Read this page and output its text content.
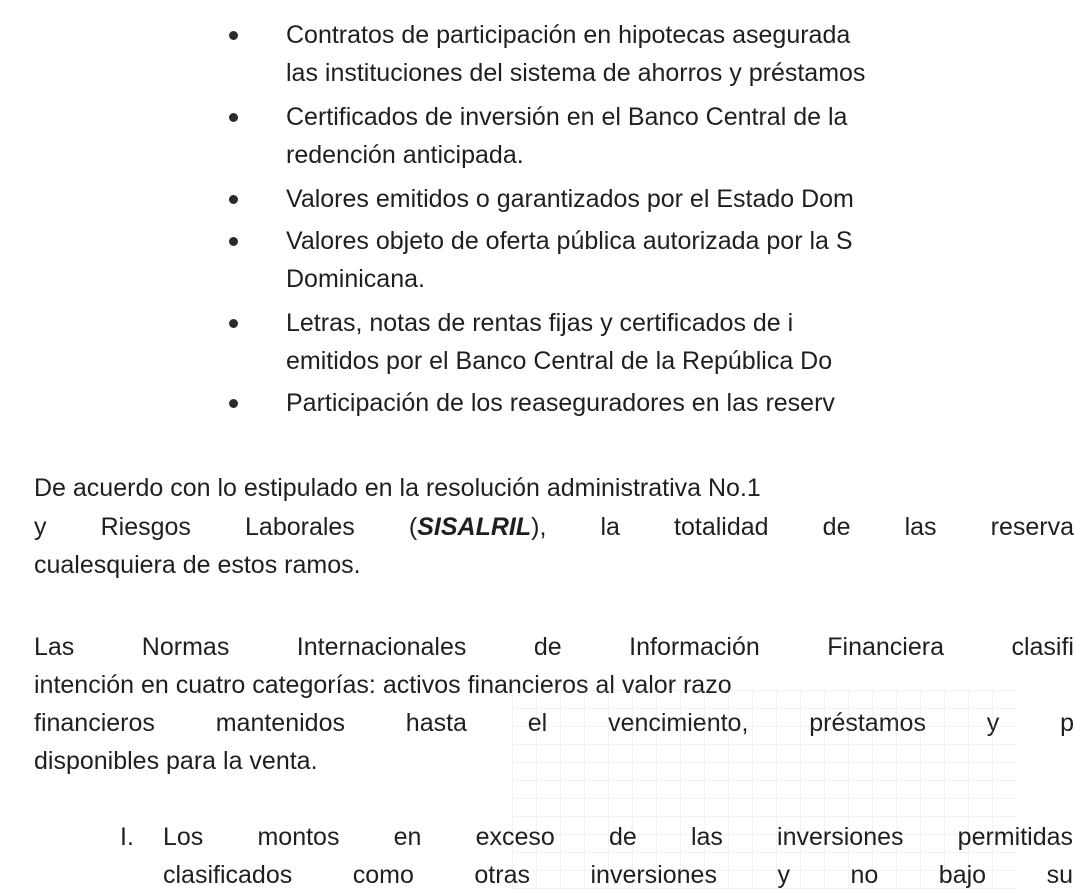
Contratos de participación en hipotecas asegurada
las instituciones del sistema de ahorros y préstamos
Certificados de inversión en el Banco Central de la
redención anticipada.
Valores emitidos o garantizados por el Estado Dom
Valores objeto de oferta pública autorizada por la S
Dominicana.
Letras, notas de rentas fijas y certificados de i
emitidos por el Banco Central de la República Do
Participación de los reaseguradores en las reserv
De acuerdo con lo estipulado en la resolución administrativa No.1
y Riesgos Laborales (SISALRIL), la totalidad de las reserva
cualesquiera de estos ramos.
Las Normas Internacionales de Información Financiera clasifi
intención en cuatro categorías: activos financieros al valor razo
financieros mantenidos hasta el vencimiento, préstamos y p
disponibles para la venta.
I. Los montos en exceso de las inversiones permitidas
clasificados como otras inversiones y no bajo su
